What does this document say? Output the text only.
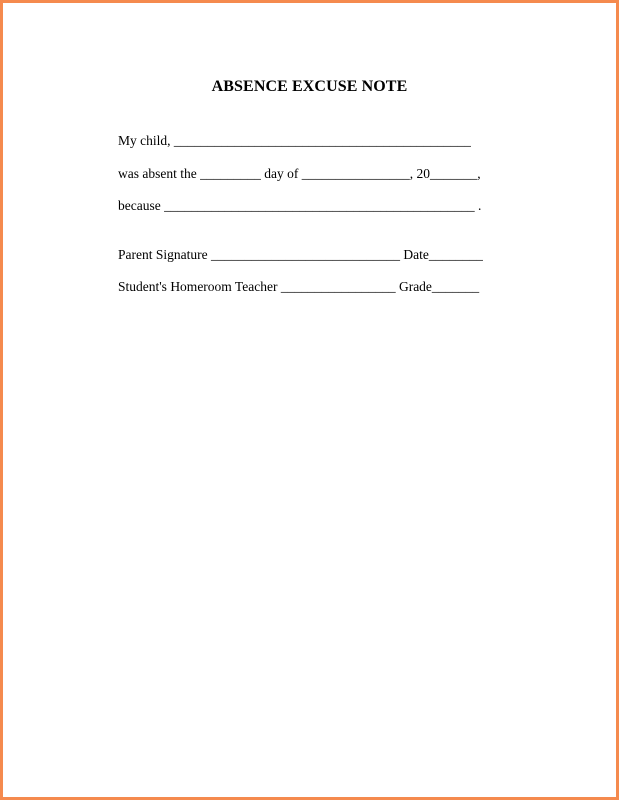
ABSENCE EXCUSE NOTE
My child, ____________________________________________
was absent the _________ day of ________________, 20_______,
because ______________________________________________ .
Parent Signature ____________________________ Date________
Student's Homeroom Teacher _________________ Grade_______
